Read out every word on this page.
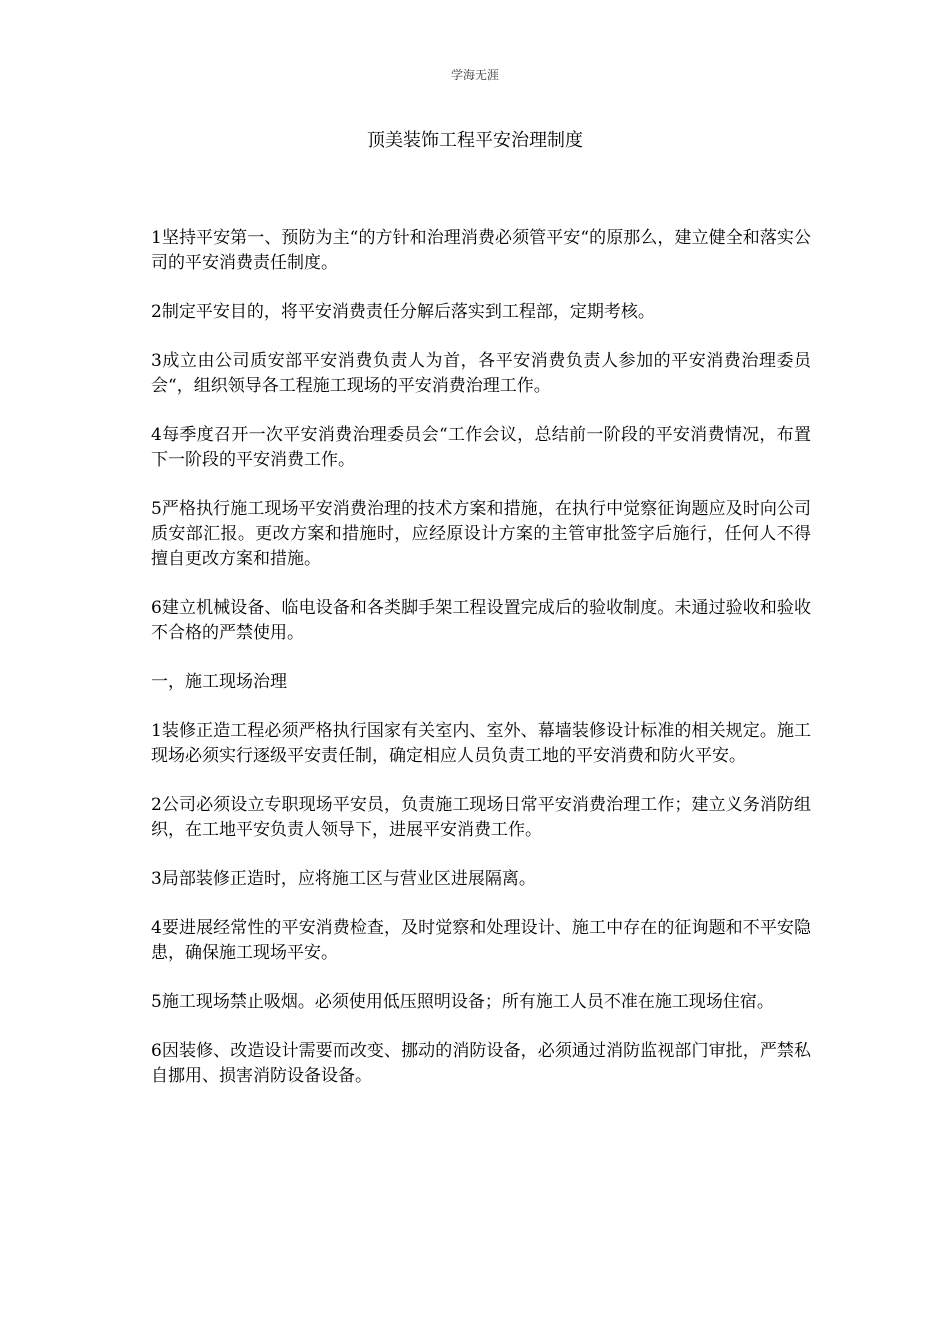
学海无涯
顶美装饰工程平安治理制度

1坚持平安第一、预防为主“的方针和治理消费必须管平安“的原那么，建立健全和落实公司的平安消费责任制度。

2制定平安目的，将平安消费责任分解后落实到工程部，定期考核。

3成立由公司质安部平安消费负责人为首，各平安消费负责人参加的平安消费治理委员会“，组织领导各工程施工现场的平安消费治理工作。

4每季度召开一次平安消费治理委员会“工作会议，总结前一阶段的平安消费情况，布置下一阶段的平安消费工作。

5严格执行施工现场平安消费治理的技术方案和措施，在执行中觉察征询题应及时向公司质安部汇报。更改方案和措施时，应经原设计方案的主管审批签字后施行，任何人不得擅自更改方案和措施。

6建立机械设备、临电设备和各类脚手架工程设置完成后的验收制度。未通过验收和验收不合格的严禁使用。

一，施工现场治理

1装修正造工程必须严格执行国家有关室内、室外、幕墙装修设计标准的相关规定。施工现场必须实行逐级平安责任制，确定相应人员负责工地的平安消费和防火平安。

2公司必须设立专职现场平安员，负责施工现场日常平安消费治理工作；建立义务消防组织，在工地平安负责人领导下，进展平安消费工作。

3局部装修正造时，应将施工区与营业区进展隔离。

4要进展经常性的平安消费检查，及时觉察和处理设计、施工中存在的征询题和不平安隐患，确保施工现场平安。

5施工现场禁止吸烟。必须使用低压照明设备；所有施工人员不准在施工现场住宿。

6因装修、改造设计需要而改变、挪动的消防设备，必须通过消防监视部门审批，严禁私自挪用、损害消防设备设备。
